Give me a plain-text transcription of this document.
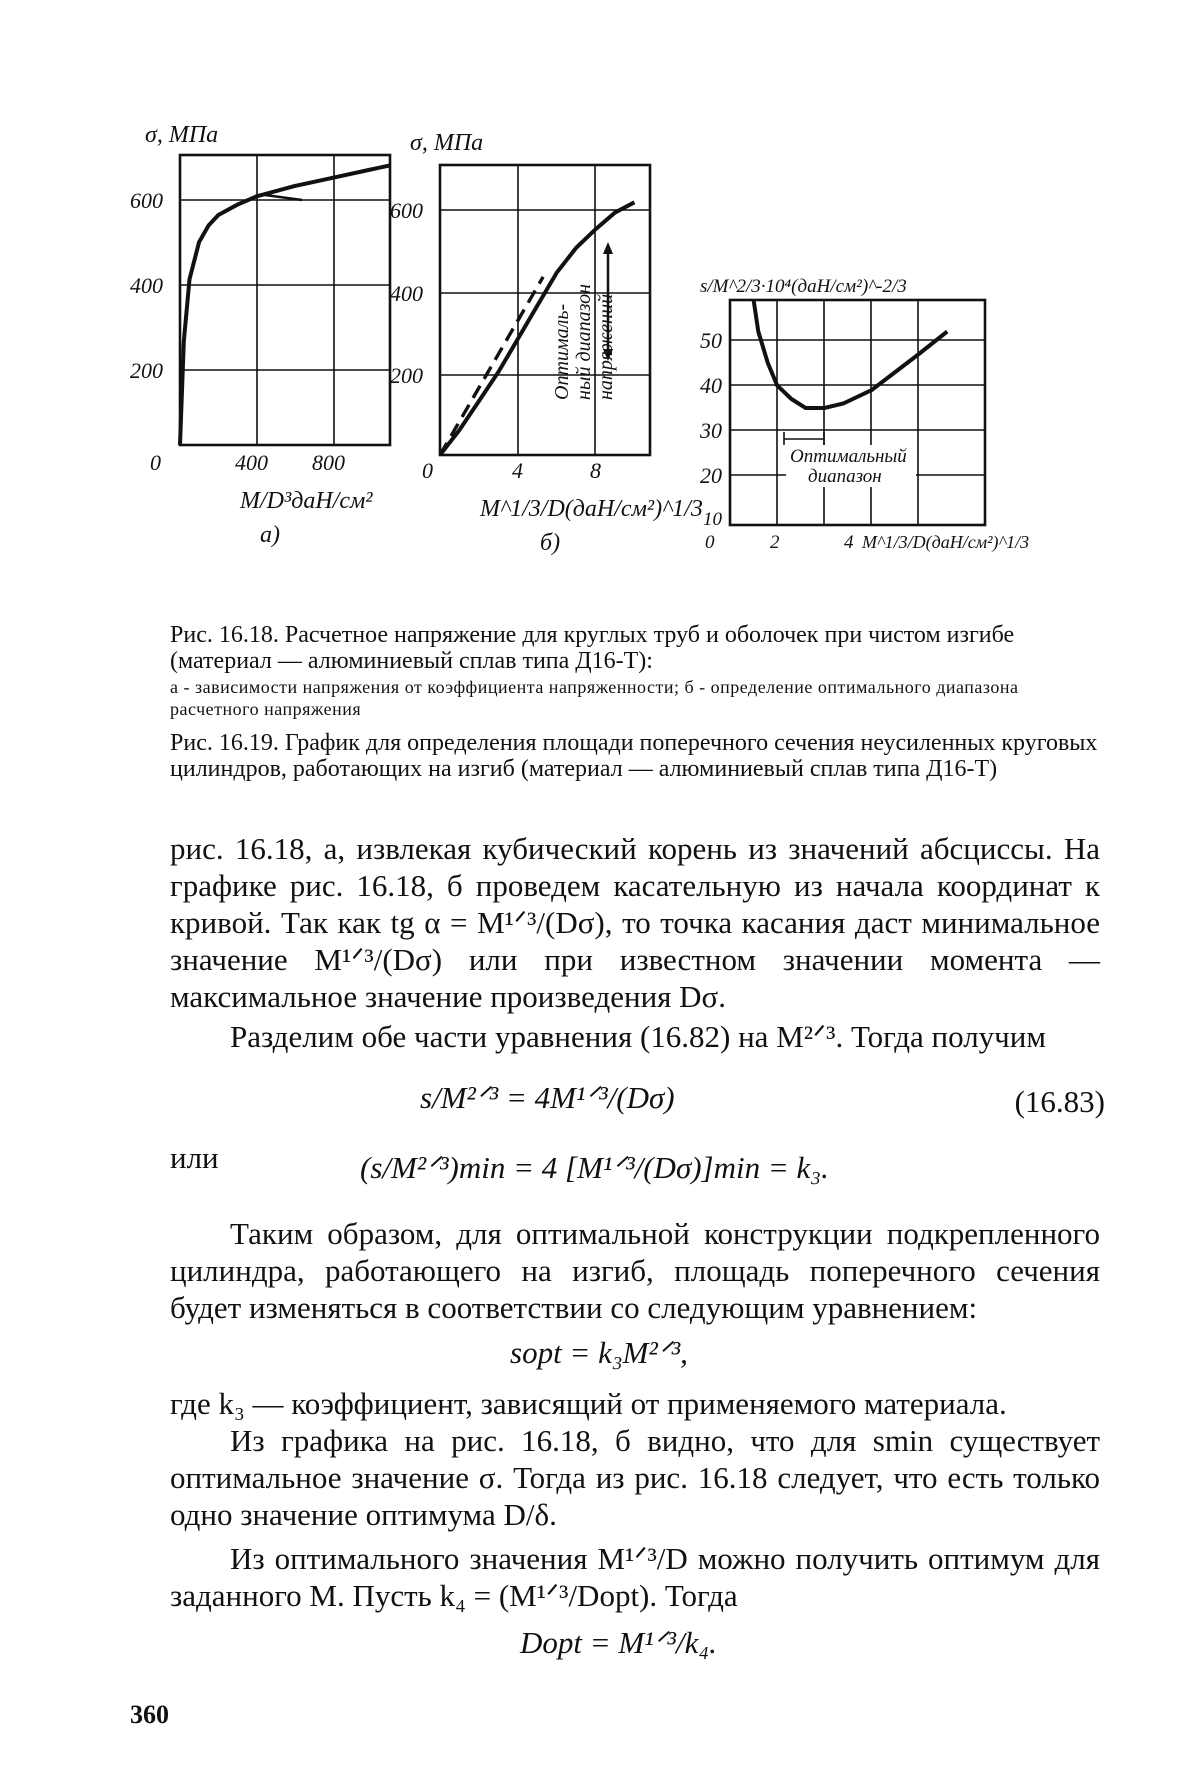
σ, МПа
600
400
200
0	400 800
M/D³даН/см²
а)
σ, МПа
600
400
200
0	4	8
M^1/3/D(даН/см²)^1/3
б)
Оптималь- ный диапазон напряжений
s/M^2/3·10⁴(даН/см²)^-2/3
50
40
30
20
10
0	2	4 M^1/3/D(даН/см²)^1/3
Оптимальный
диапазон
Рис. 16.18. Расчетное напряжение для круглых труб и оболочек при чистом изгибе (материал — алюминиевый сплав типа Д16-Т):
а - зависимости напряжения от коэффициента напряженности; б - определение оптимального диапазона расчетного напряжения
Рис. 16.19. График для определения площади поперечного сечения неусиленных круговых цилиндров, работающих на изгиб (материал — алюминиевый сплав типа Д16-Т)
рис. 16.18, а, извлекая кубический корень из значений абсциссы. На графике рис. 16.18, б проведем касательную из начала координат к кривой. Так как tg α = M¹ᐟ³/(Dσ), то точка касания даст минимальное значение M¹ᐟ³/(Dσ) или при известном значении момента — максимальное значение произведения Dσ.
Разделим обе части уравнения (16.82) на M²ᐟ³. Тогда получим
s/M²ᐟ³ = 4M¹ᐟ³/(Dσ)	(16.83)
или	(s/M²ᐟ³)min = 4 [M¹ᐟ³/(Dσ)]min = k₃.
Таким образом, для оптимальной конструкции подкрепленного цилиндра, работающего на изгиб, площадь поперечного сечения будет изменяться в соответствии со следующим уравнением:
sopt = k₃M²ᐟ³,
где k₃ — коэффициент, зависящий от применяемого материала.
Из графика на рис. 16.18, б видно, что для smin существует оптимальное значение σ. Тогда из рис. 16.18 следует, что есть только одно значение оптимума D/δ.
Из оптимального значения M¹ᐟ³/D можно получить оптимум для заданного M. Пусть k₄ = (M¹ᐟ³/Dopt). Тогда
Dopt = M¹ᐟ³/k₄.
360
